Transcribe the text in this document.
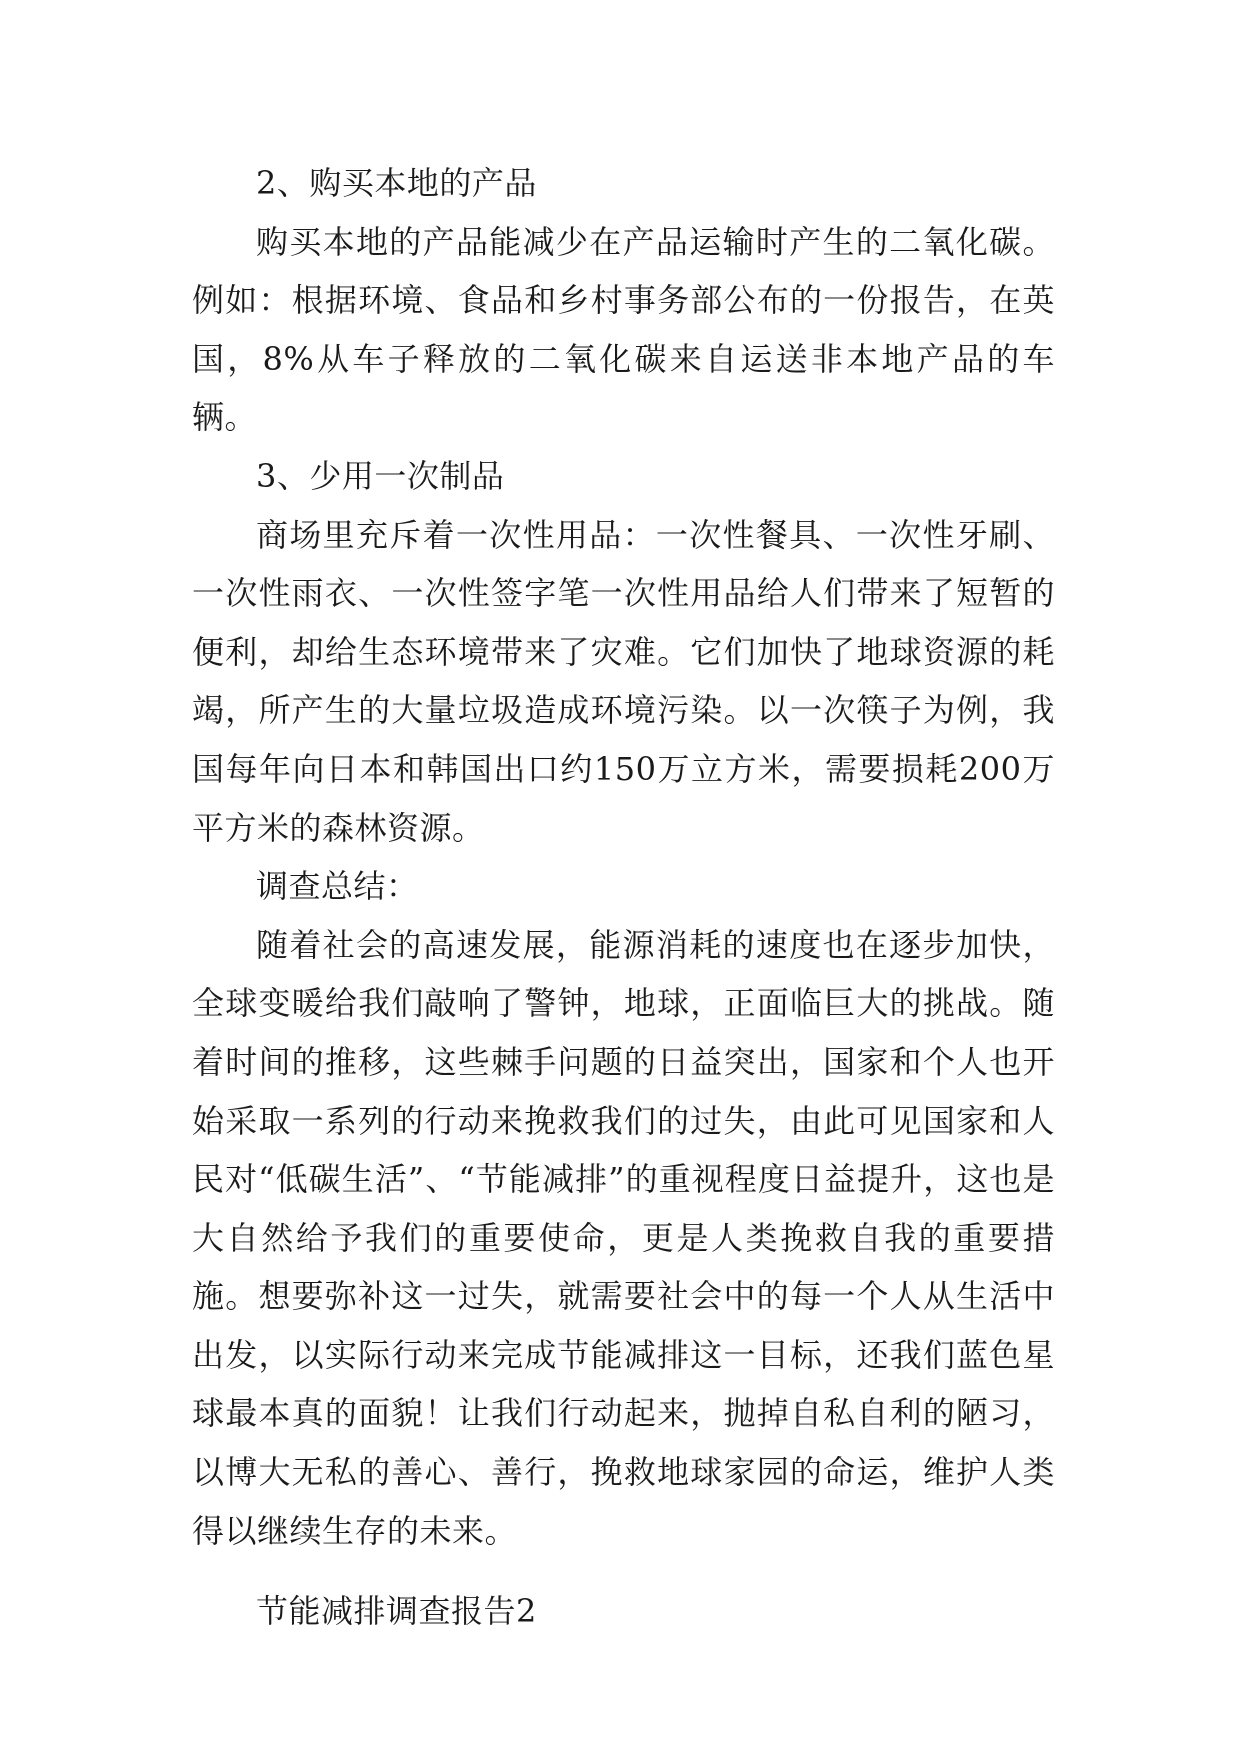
2、购买本地的产品

购买本地的产品能减少在产品运输时产生的二氧化碳。例如：根据环境、食品和乡村事务部公布的一份报告，在英国，8%从车子释放的二氧化碳来自运送非本地产品的车辆。

3、少用一次制品

商场里充斥着一次性用品：一次性餐具、一次性牙刷、一次性雨衣、一次性签字笔一次性用品给人们带来了短暂的便利，却给生态环境带来了灾难。它们加快了地球资源的耗竭，所产生的大量垃圾造成环境污染。以一次筷子为例，我国每年向日本和韩国出口约150万立方米，需要损耗200万平方米的森林资源。

调查总结：

随着社会的高速发展，能源消耗的速度也在逐步加快，全球变暖给我们敲响了警钟，地球，正面临巨大的挑战。随着时间的推移，这些棘手问题的日益突出，国家和个人也开始采取一系列的行动来挽救我们的过失，由此可见国家和人民对“低碳生活”、“节能减排”的重视程度日益提升，这也是大自然给予我们的重要使命，更是人类挽救自我的重要措施。想要弥补这一过失，就需要社会中的每一个人从生活中出发，以实际行动来完成节能减排这一目标，还我们蓝色星球最本真的面貌！让我们行动起来，抛掉自私自利的陋习，以博大无私的善心、善行，挽救地球家园的命运，维护人类得以继续生存的未来。

节能减排调查报告2
